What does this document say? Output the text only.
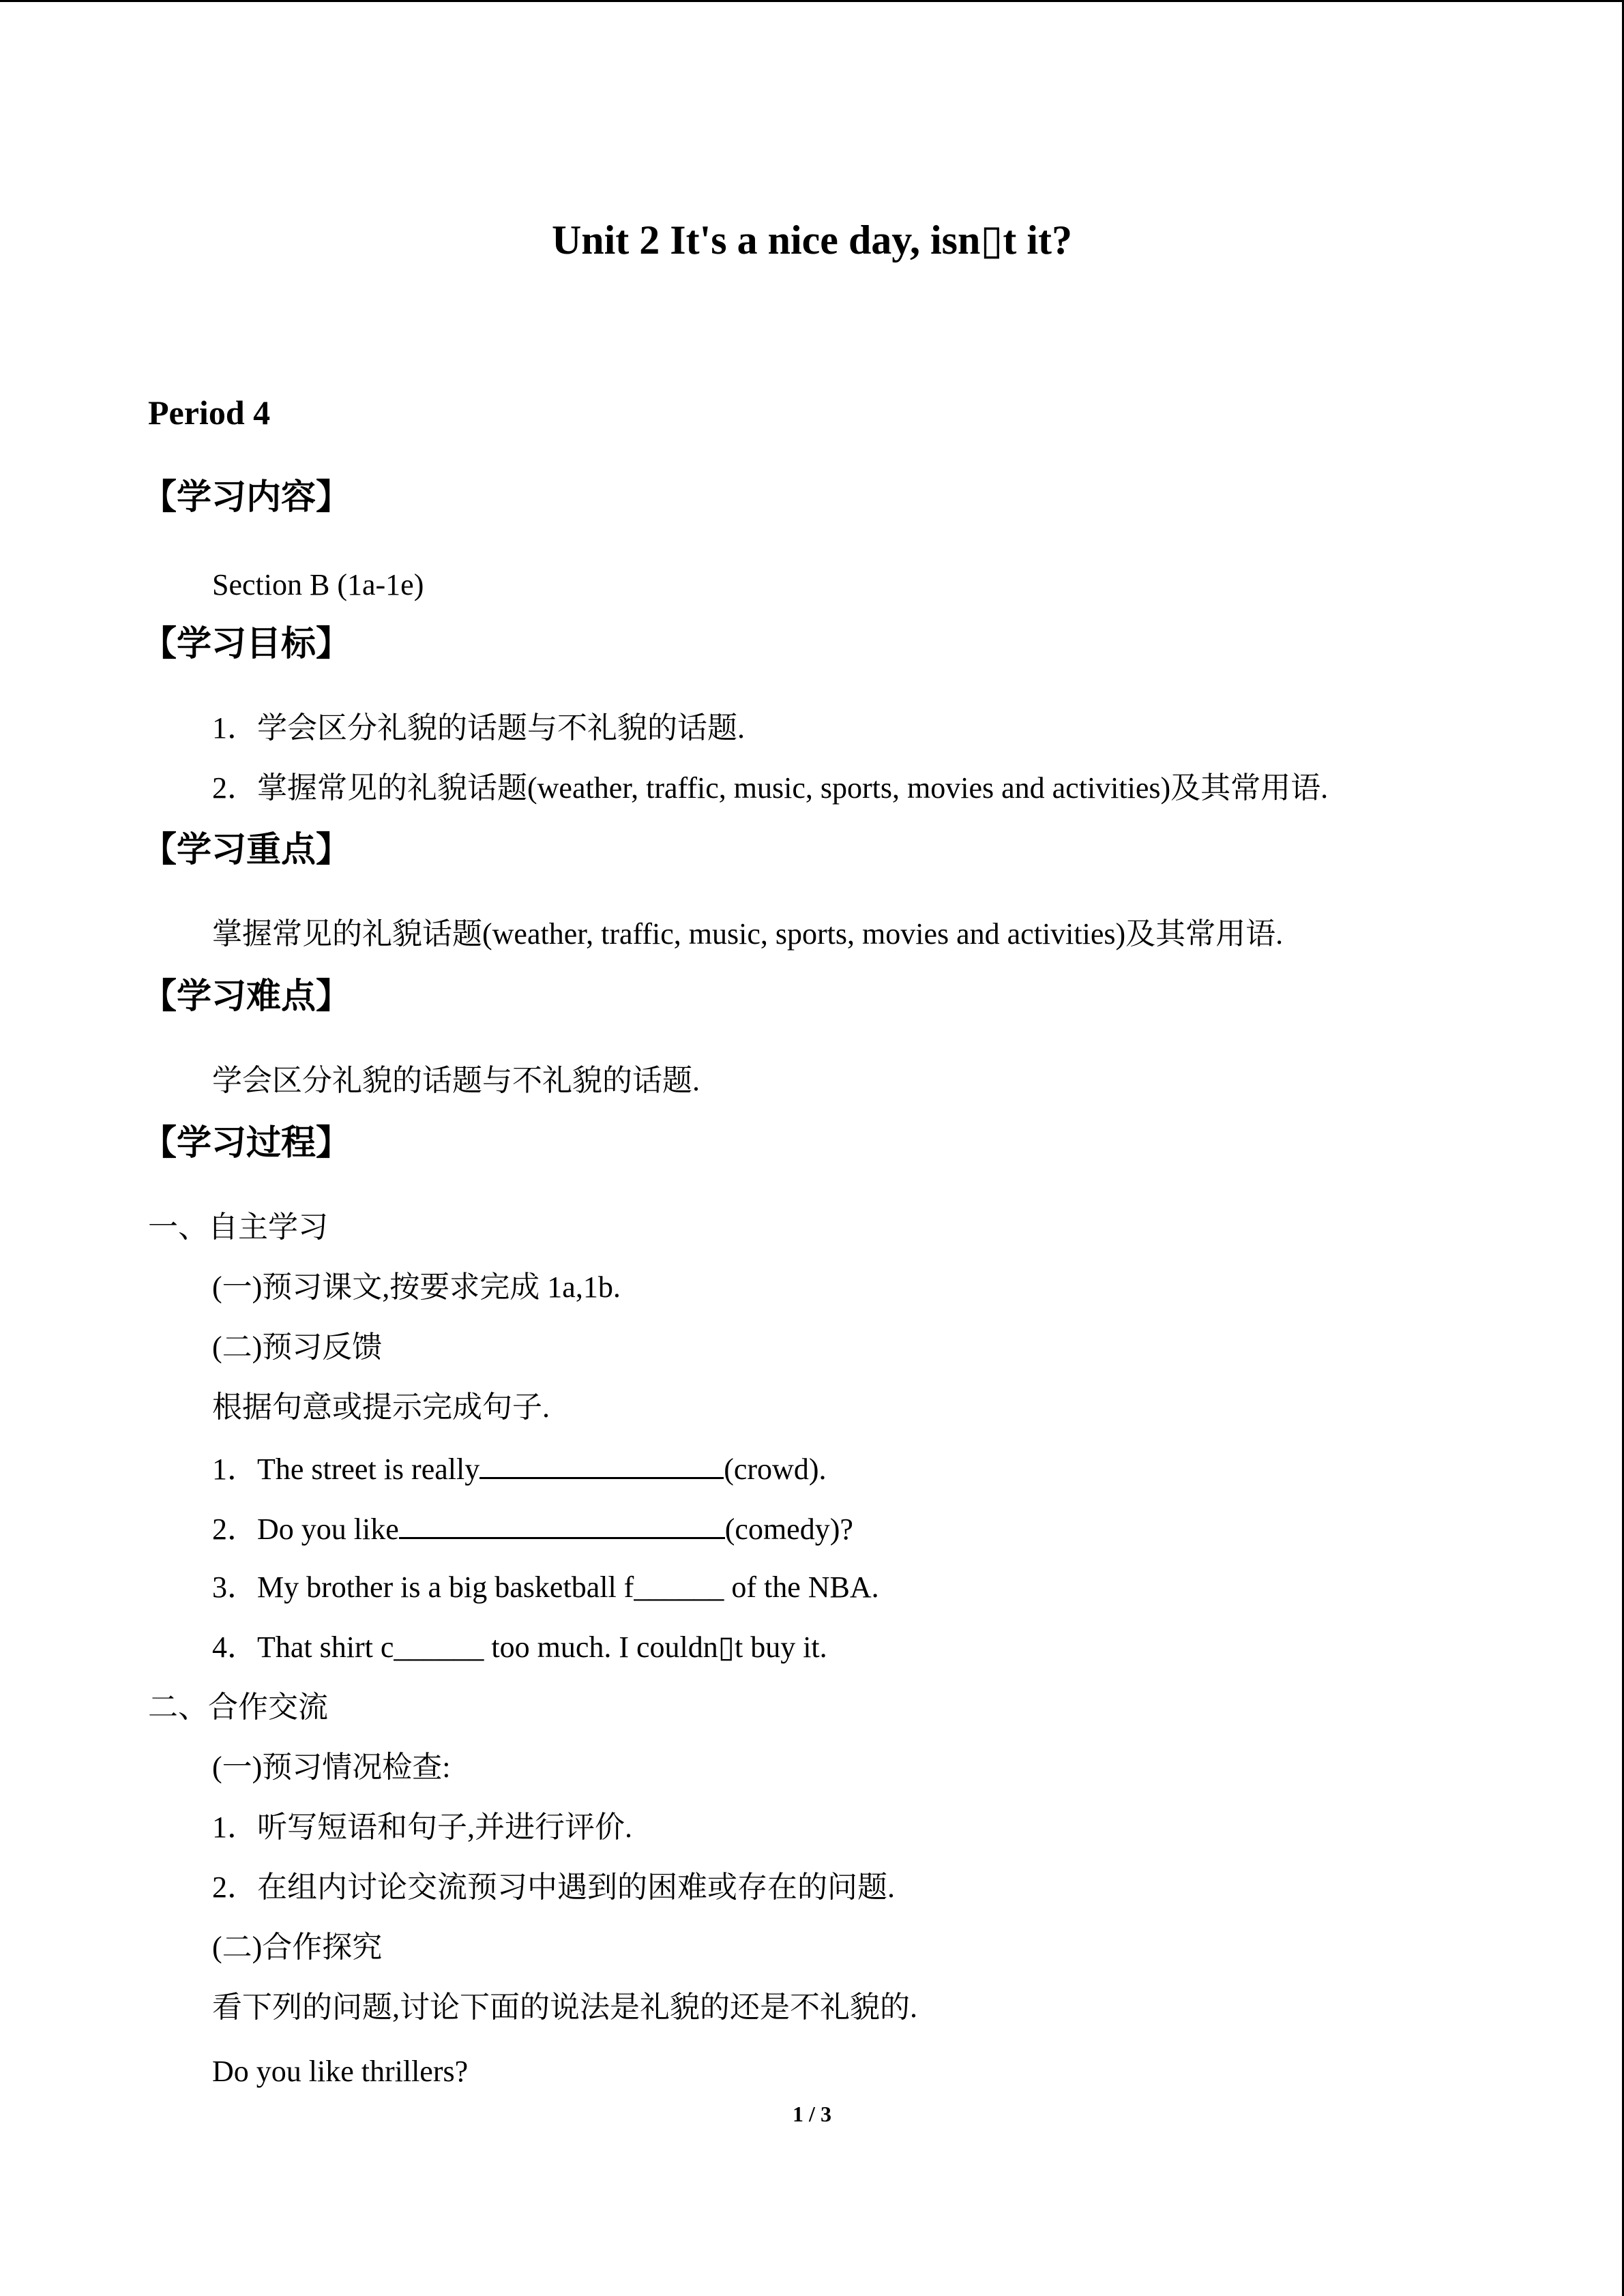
Unit 2 It's a nice day, isn▯t it?
Period 4
【学习内容】
Section B (1a-1e)
【学习目标】
1．学会区分礼貌的话题与不礼貌的话题.
2．掌握常见的礼貌话题(weather, traffic, music, sports, movies and activities)及其常用语.
【学习重点】
掌握常见的礼貌话题(weather, traffic, music, sports, movies and activities)及其常用语.
【学习难点】
学会区分礼貌的话题与不礼貌的话题.
【学习过程】
一、自主学习
(一)预习课文,按要求完成 1a,1b.
(二)预习反馈
根据句意或提示完成句子.
1．The street is really	(crowd).
2．Do you like	(comedy)?
3．My brother is a big basketball f______ of the NBA.
4．That shirt c______ too much. I couldn▯t buy it.
二、合作交流
(一)预习情况检查:
1．听写短语和句子,并进行评价.
2．在组内讨论交流预习中遇到的困难或存在的问题.
(二)合作探究
看下列的问题,讨论下面的说法是礼貌的还是不礼貌的.
Do you like thrillers?
1 / 3
